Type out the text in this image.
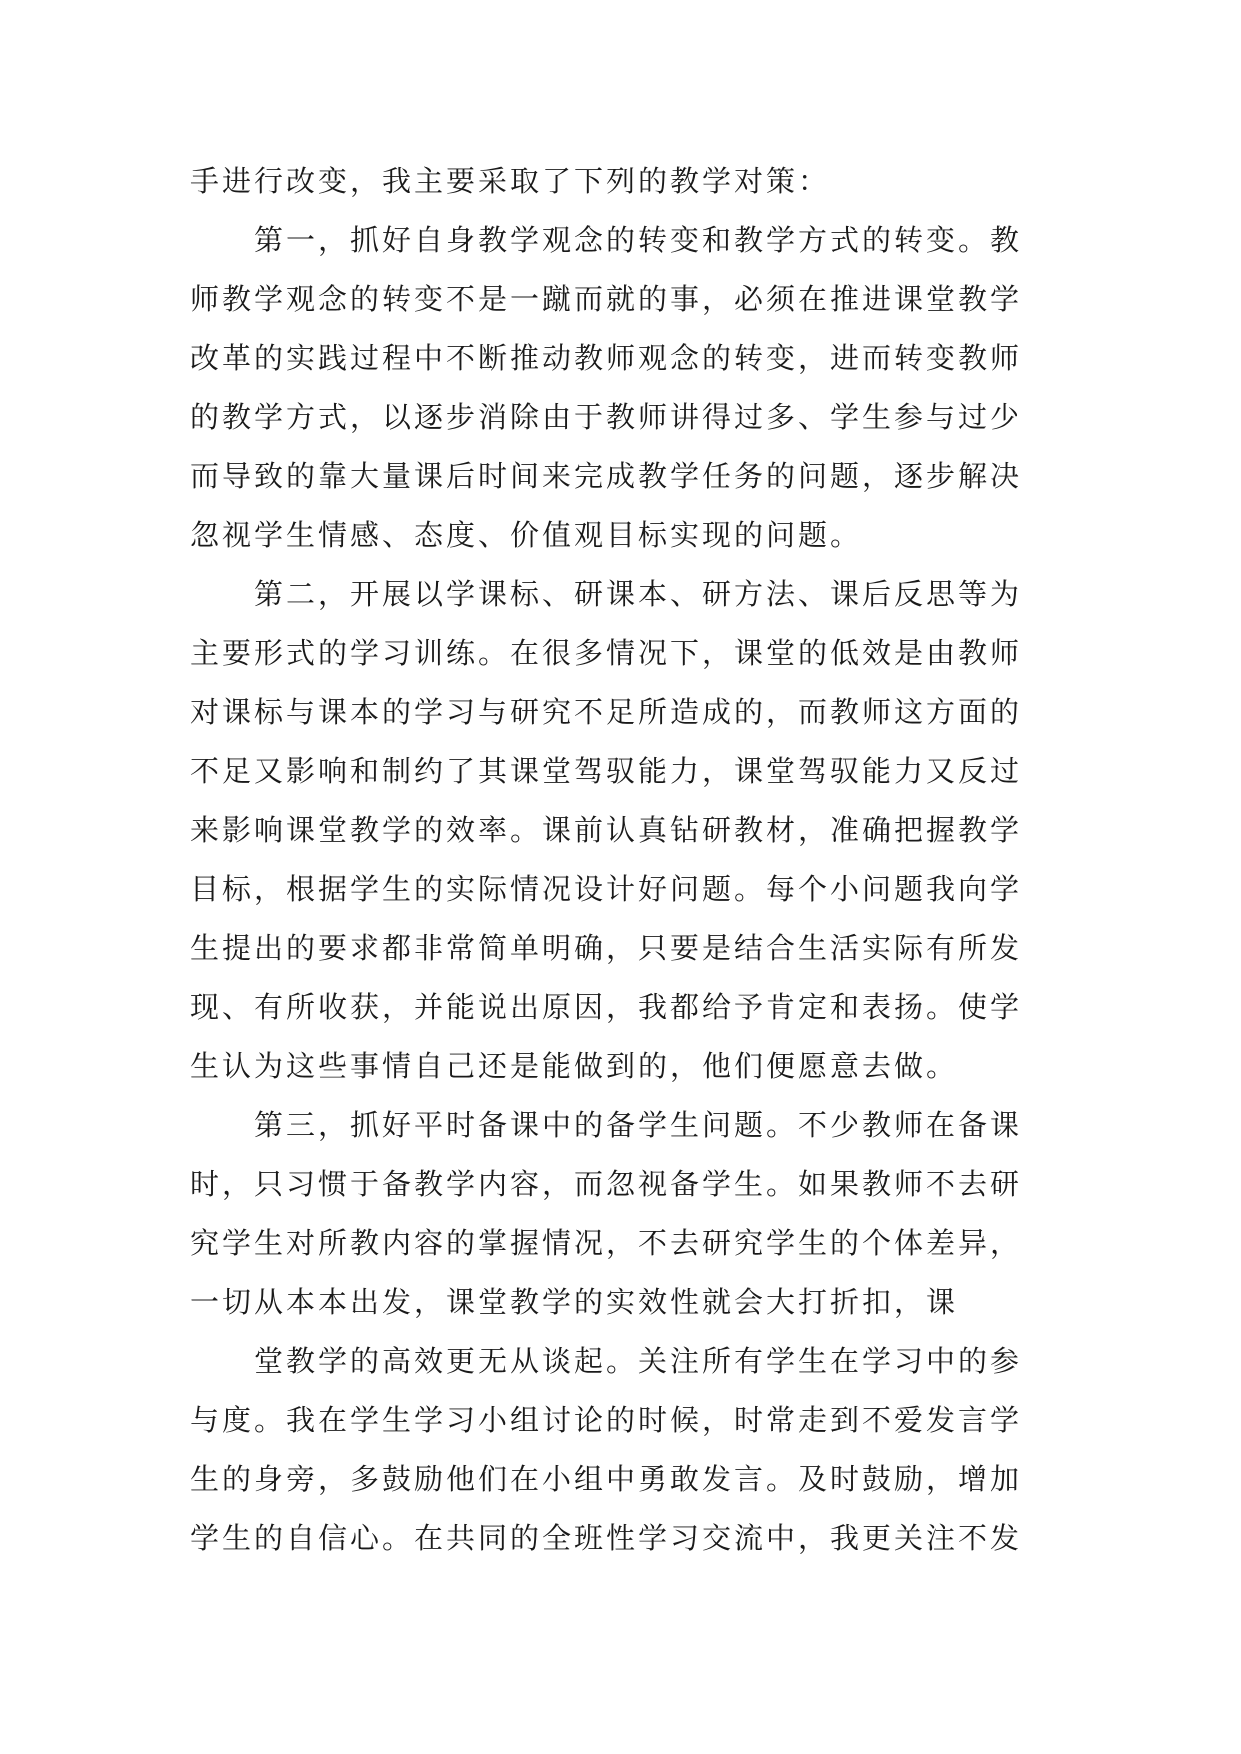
手进行改变，我主要采取了下列的教学对策：
第一，抓好自身教学观念的转变和教学方式的转变。教
师教学观念的转变不是一蹴而就的事，必须在推进课堂教学
改革的实践过程中不断推动教师观念的转变，进而转变教师
的教学方式，以逐步消除由于教师讲得过多、学生参与过少
而导致的靠大量课后时间来完成教学任务的问题，逐步解决
忽视学生情感、态度、价值观目标实现的问题。
第二，开展以学课标、研课本、研方法、课后反思等为
主要形式的学习训练。在很多情况下，课堂的低效是由教师
对课标与课本的学习与研究不足所造成的，而教师这方面的
不足又影响和制约了其课堂驾驭能力，课堂驾驭能力又反过
来影响课堂教学的效率。课前认真钻研教材，准确把握教学
目标，根据学生的实际情况设计好问题。每个小问题我向学
生提出的要求都非常简单明确，只要是结合生活实际有所发
现、有所收获，并能说出原因，我都给予肯定和表扬。使学
生认为这些事情自己还是能做到的，他们便愿意去做。
第三，抓好平时备课中的备学生问题。不少教师在备课
时，只习惯于备教学内容，而忽视备学生。如果教师不去研
究学生对所教内容的掌握情况，不去研究学生的个体差异，
一切从本本出发，课堂教学的实效性就会大打折扣，课
堂教学的高效更无从谈起。关注所有学生在学习中的参
与度。我在学生学习小组讨论的时候，时常走到不爱发言学
生的身旁，多鼓励他们在小组中勇敢发言。及时鼓励，增加
学生的自信心。在共同的全班性学习交流中，我更关注不发
